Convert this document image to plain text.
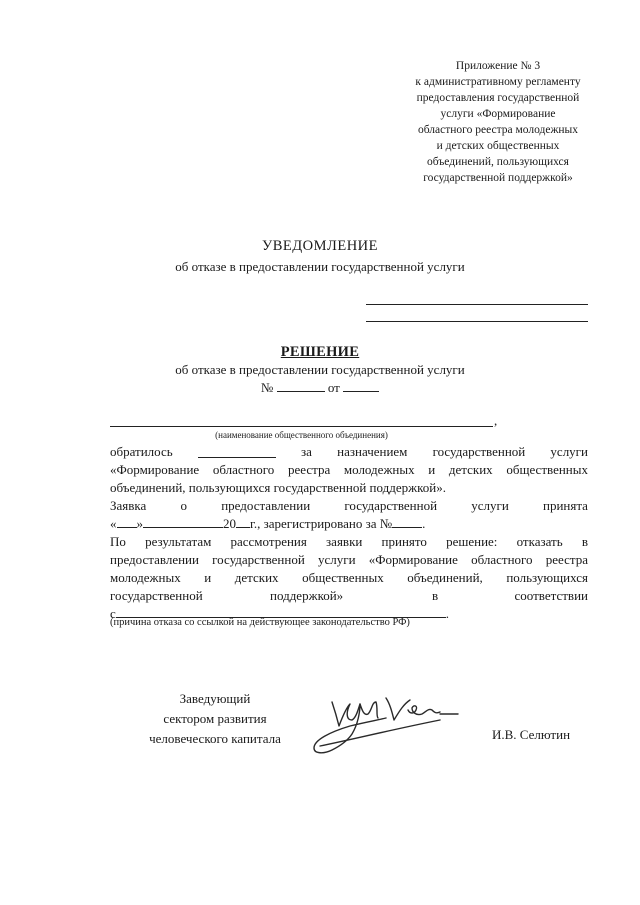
Приложение № 3
к административному регламенту
предоставления государственной
услуги «Формирование
областного реестра молодежных
и детских общественных
объединений, пользующихся
государственной поддержкой»
УВЕДОМЛЕНИЕ
об отказе в предоставлении государственной услуги
РЕШЕНИЕ
об отказе в предоставлении государственной услуги
№	от
,
(наименование общественного объединения)
обратилось	за назначением государственной услуги
«Формирование областного реестра молодежных и детских общественных
объединений, пользующихся государственной поддержкой».
Заявка	о	предоставлении	государственной	услуги	принята
« »	20 г., зарегистрировано за № .
По результатам рассмотрения заявки принято решение: отказать в
предоставлении государственной услуги «Формирование областного реестра
молодежных и детских общественных объединений, пользующихся
государственной	поддержкой»	в	соответствии
с	.
(причина отказа со ссылкой на действующее законодательство РФ)
Заведующий
сектором развития
человеческого капитала	И.В. Селютин
